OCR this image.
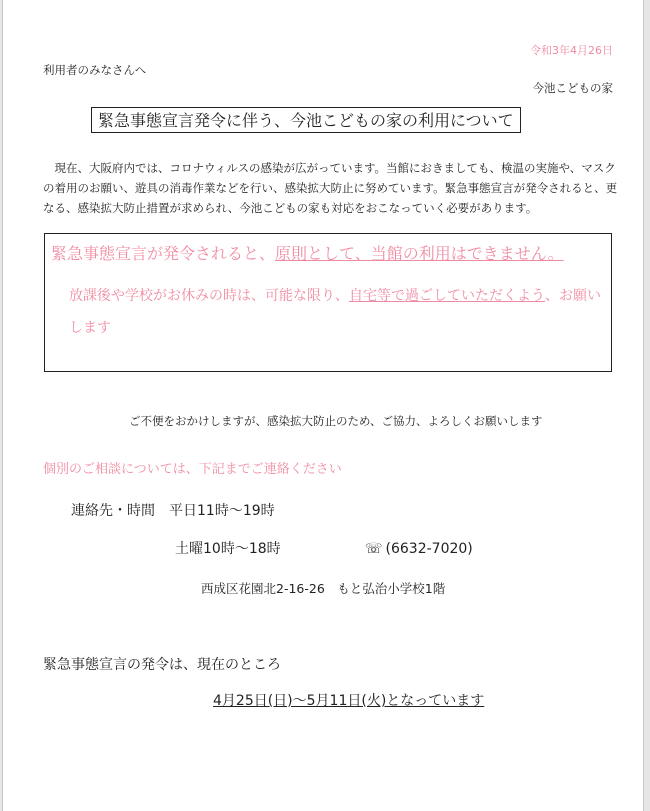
令和3年4月26日
利用者のみなさんへ
今池こどもの家
緊急事態宣言発令に伴う、今池こどもの家の利用について

現在、大阪府内では、コロナウィルスの感染が広がっています。当館におきましても、検温の実施や、マスクの着用のお願い、遊具の消毒作業などを行い、感染拡大防止に努めています。緊急事態宣言が発令されると、更なる、感染拡大防止措置が求められ、今池こどもの家も対応をおこなっていく必要があります。

緊急事態宣言が発令されると、原則として、当館の利用はできません。
放課後や学校がお休みの時は、可能な限り、自宅等で過ごしていただくよう、お願いします
ご不便をおかけしますが、感染拡大防止のため、ご協力、よろしくお願いします
個別のご相談については、下記までご連絡ください
連絡先・時間　 平日11時～19時
土曜10時～18時	☏ (6632-7020)
西成区花園北2-16-26　もと弘治小学校1階
緊急事態宣言の発令は、現在のところ
4月25日(日)～5月11日(火)となっています
